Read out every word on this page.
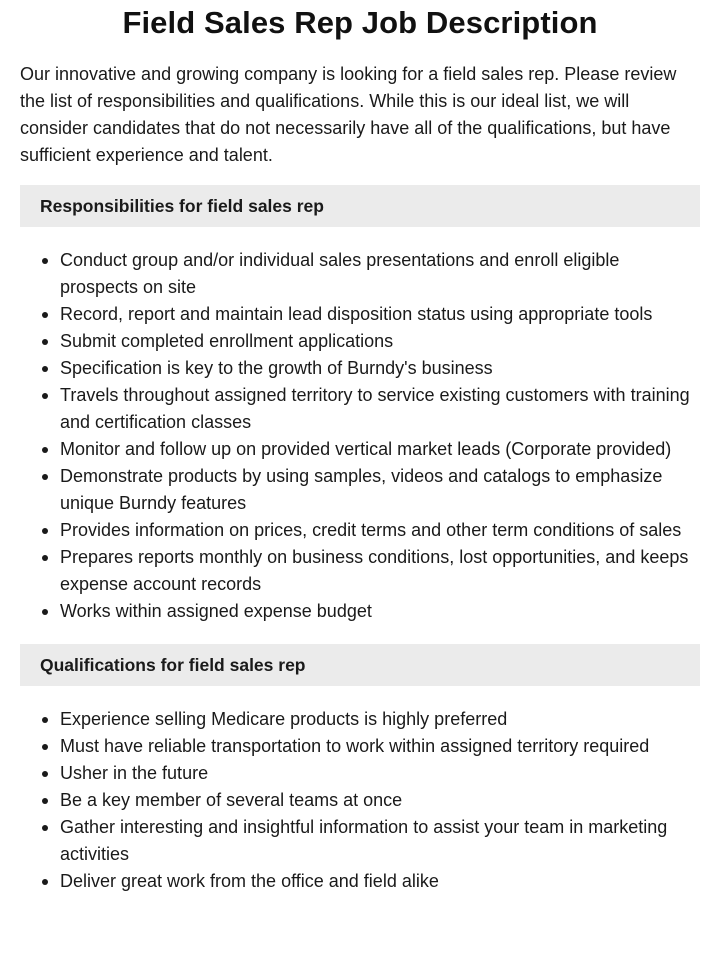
Field Sales Rep Job Description

Our innovative and growing company is looking for a field sales rep. Please review the list of responsibilities and qualifications. While this is our ideal list, we will consider candidates that do not necessarily have all of the qualifications, but have sufficient experience and talent.

Responsibilities for field sales rep
Conduct group and/or individual sales presentations and enroll eligible prospects on site
Record, report and maintain lead disposition status using appropriate tools
Submit completed enrollment applications
Specification is key to the growth of Burndy's business
Travels throughout assigned territory to service existing customers with training and certification classes
Monitor and follow up on provided vertical market leads (Corporate provided)
Demonstrate products by using samples, videos and catalogs to emphasize unique Burndy features
Provides information on prices, credit terms and other term conditions of sales
Prepares reports monthly on business conditions, lost opportunities, and keeps expense account records
Works within assigned expense budget
Qualifications for field sales rep
Experience selling Medicare products is highly preferred
Must have reliable transportation to work within assigned territory required
Usher in the future
Be a key member of several teams at once
Gather interesting and insightful information to assist your team in marketing activities
Deliver great work from the office and field alike
